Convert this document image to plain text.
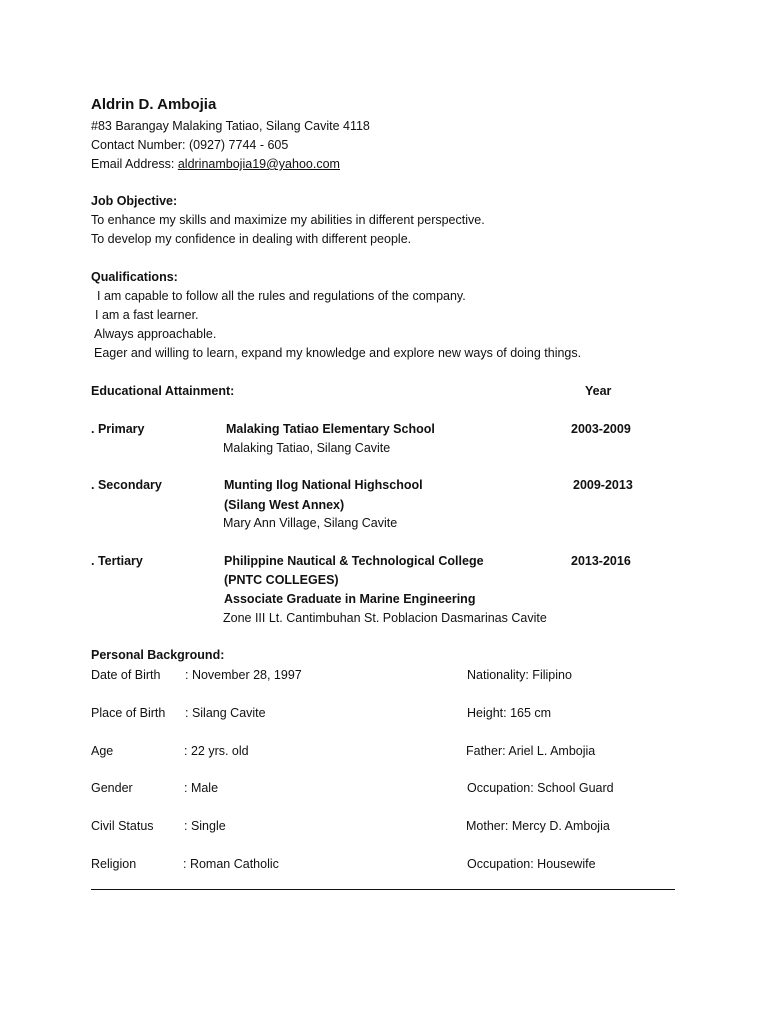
Aldrin D. Ambojia
#83 Barangay Malaking Tatiao, Silang Cavite 4118
Contact Number: (0927) 7744 - 605
Email Address: aldrinambojia19@yahoo.com
Job Objective:
To enhance my skills and maximize my abilities in different perspective.
To develop my confidence in dealing with different people.
Qualifications:
I am capable to follow all the rules and regulations of the company.
I am a fast learner.
Always approachable.
Eager and willing to learn, expand my knowledge and explore new ways of doing things.
Educational Attainment:	Year
. Primary	Malaking Tatiao Elementary School	2003-2009
Malaking Tatiao, Silang Cavite
. Secondary	Munting Ilog National Highschool	2009-2013
(Silang West Annex)
Mary Ann Village, Silang Cavite
. Tertiary	Philippine Nautical & Technological College	2013-2016
(PNTC COLLEGES)
Associate Graduate in Marine Engineering
Zone III Lt. Cantimbuhan St. Poblacion Dasmarinas Cavite
Personal Background:
Date of Birth : November 28, 1997	Nationality: Filipino
Place of Birth : Silang Cavite	Height: 165 cm
Age	: 22 yrs. old	Father: Ariel L. Ambojia
Gender	: Male	Occupation: School Guard
Civil Status : Single	Mother: Mercy D. Ambojia
Religion	: Roman Catholic	Occupation: Housewife
